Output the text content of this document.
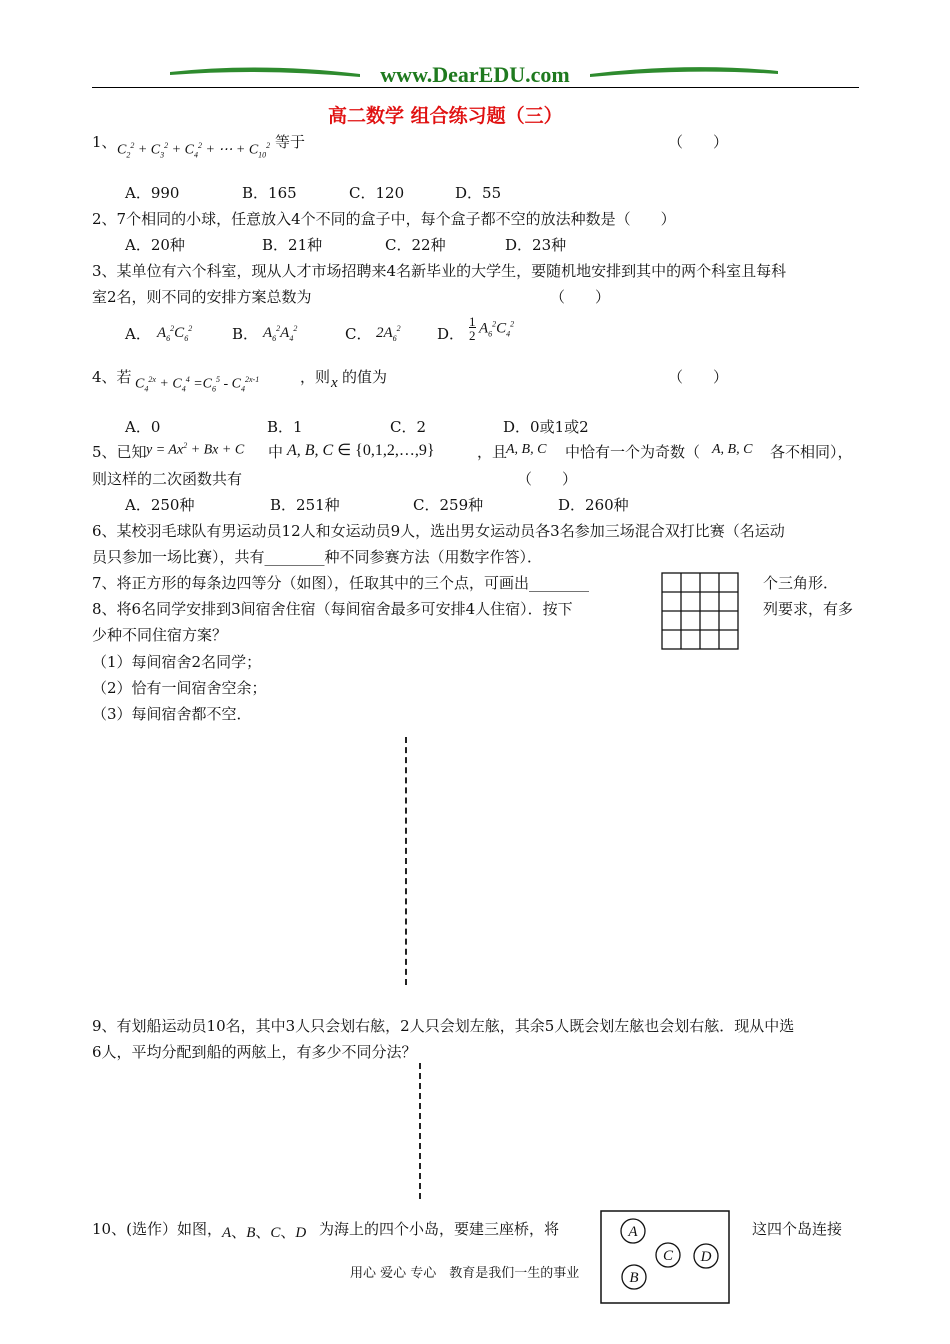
www.DearEDU.com
高二数学 组合练习题（三）
1、 $C_2^2 + C_3^2 + C_4^2$ + ⋯ + $C_{10}^2$ 等于	（　　）
A．990	B．165	C．120	D．55
2、7个相同的小球，任意放入4个不同的盒子中，每个盒子都不空的放法种数是（　　）
A．20种	B．21种	C．22种	D．23种
3、某单位有六个科室，现从人才市场招聘来4名新毕业的大学生，要随机地安排到其中的两个科室且每科
室2名，则不同的安排方案总数为	（　　）
A． $A_6^2C_6^2$	B． $A_6^2A_4^2$	C． $2A_6^2$ D．
1
2 $A_6^2C_4^2$
4、若 $C_4^{2x} + C_4^4 =C_6^5 - C_4^{2x-1}$	，则 x 的值为	（　　）
A．0	B．1	C．2	D．0或1或2
5、已知 $y = Ax^2 + Bx + C$ 中 A, B, C ∈ {0,1,2,…,9}	，且
A, B, C 中恰有一个为奇数（ A, B, C 各不相同），
则这样的二次函数共有	（　　）
A．250种	B．251种	C．259种	D．260种
6、某校羽毛球队有男运动员12人和女运动员9人，选出男女运动员各3名参加三场混合双打比赛（名运动
员只参加一场比赛），共有________种不同参赛方法（用数字作答）．
7、将正方形的每条边四等分（如图），任取其中的三个点，可画出________	个三角形．
8、将6名同学安排到3间宿舍住宿（每间宿舍最多可安排4人住宿）．按下	列要求，有多
少种不同住宿方案？
（1）每间宿舍2名同学；
（2）恰有一间宿舍空余；
（3）每间宿舍都不空．
9、有划船运动员10名，其中3人只会划右舷，2人只会划左舷，其余5人既会划左舷也会划右舷．现从中选
6人，平均分配到船的两舷上，有多少不同分法？
10、(选作）如图， A、B、C、D 为海上的四个小岛，要建三座桥，将	这四个岛连接
A
B
C D
用心 爱心 专心　教育是我们一生的事业
